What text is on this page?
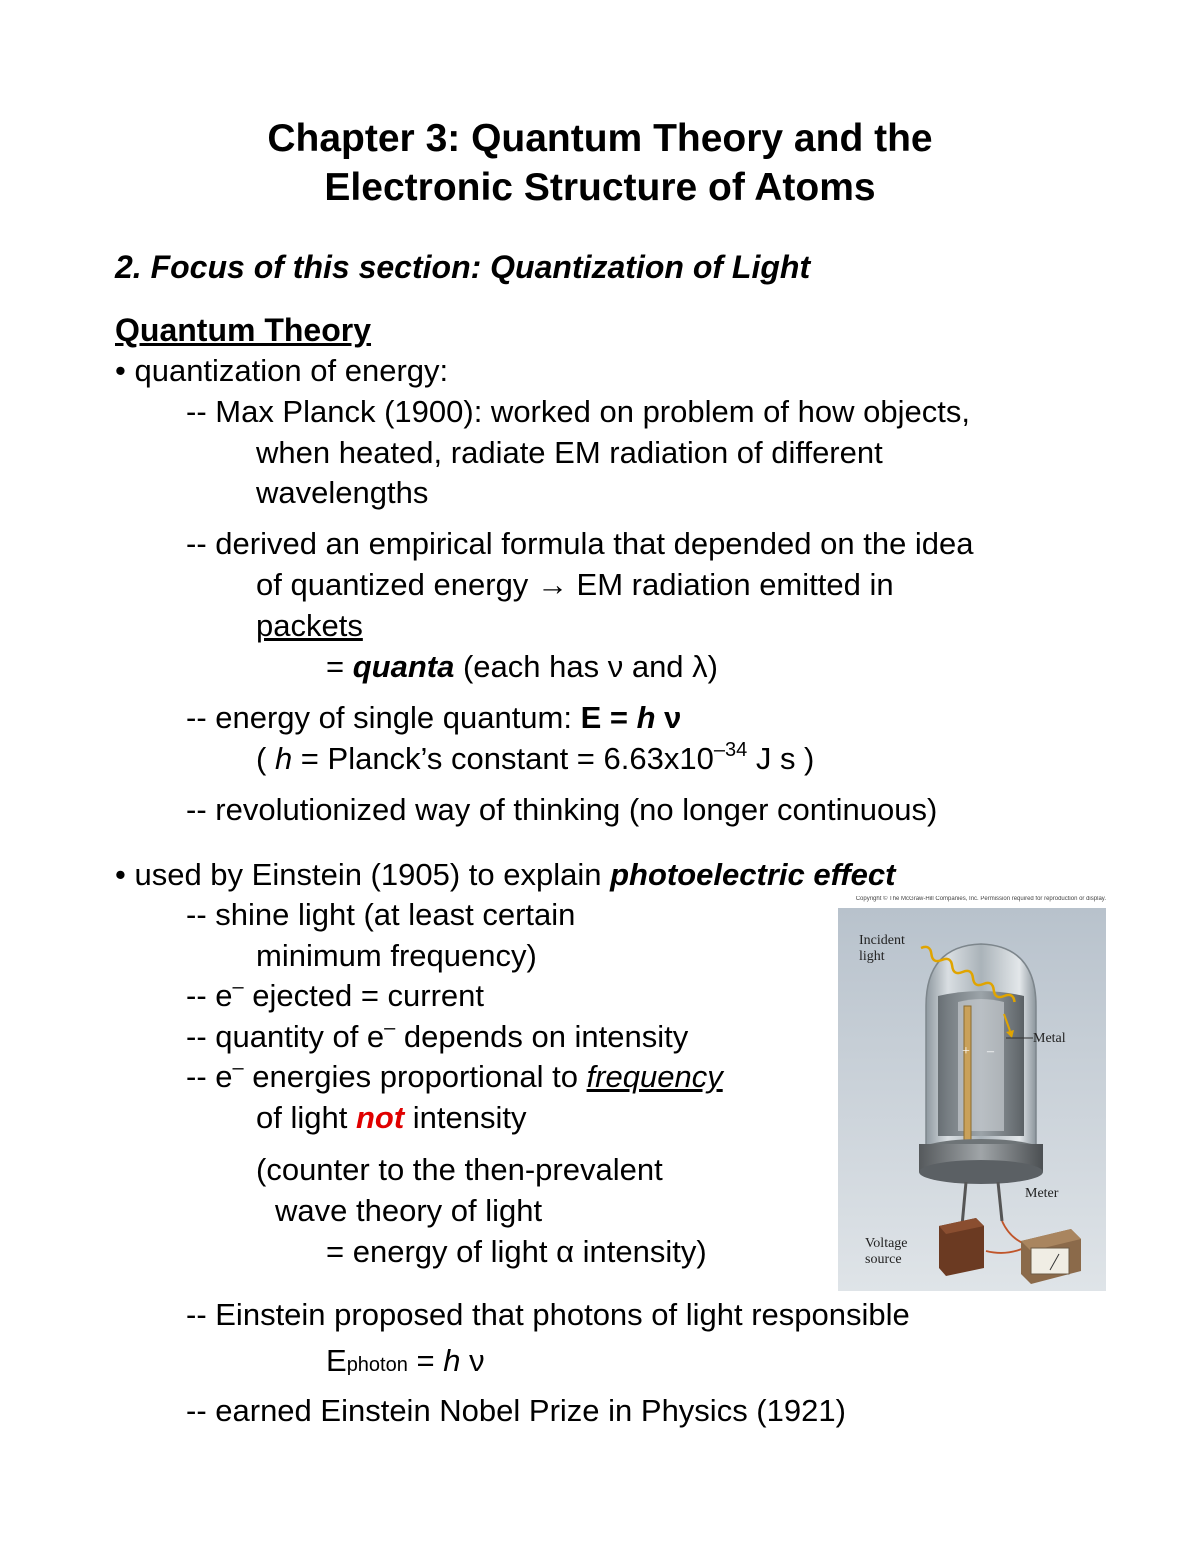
Chapter 3: Quantum Theory and the
Electronic Structure of Atoms
2. Focus of this section: Quantization of Light
Quantum Theory
• quantization of energy:
-- Max Planck (1900): worked on problem of how objects,
when heated, radiate EM radiation of different
wavelengths
-- derived an empirical formula that depended on the idea
of quantized energy → EM radiation emitted in
packets
= quanta (each has ν and λ)
-- energy of single quantum: E = h ν
( h = Planck’s constant = $6.63x10^{-34}$ J s )
-- revolutionized way of thinking (no longer continuous)
• used by Einstein (1905) to explain photoelectric effect
-- shine light (at least certain
minimum frequency)
-- e– ejected = current
-- quantity of e– depends on intensity
-- e– energies proportional to frequency
of light not intensity
(counter to the then-prevalent
wave theory of light
= energy of light α intensity)
-- Einstein proposed that photons of light responsible
Ephoton = h ν
-- earned Einstein Nobel Prize in Physics (1921)
Copyright © The McGraw-Hill Companies, Inc. Permission required for reproduction or display.
Incident
light
Metal
Meter
Voltage
source
+ –
